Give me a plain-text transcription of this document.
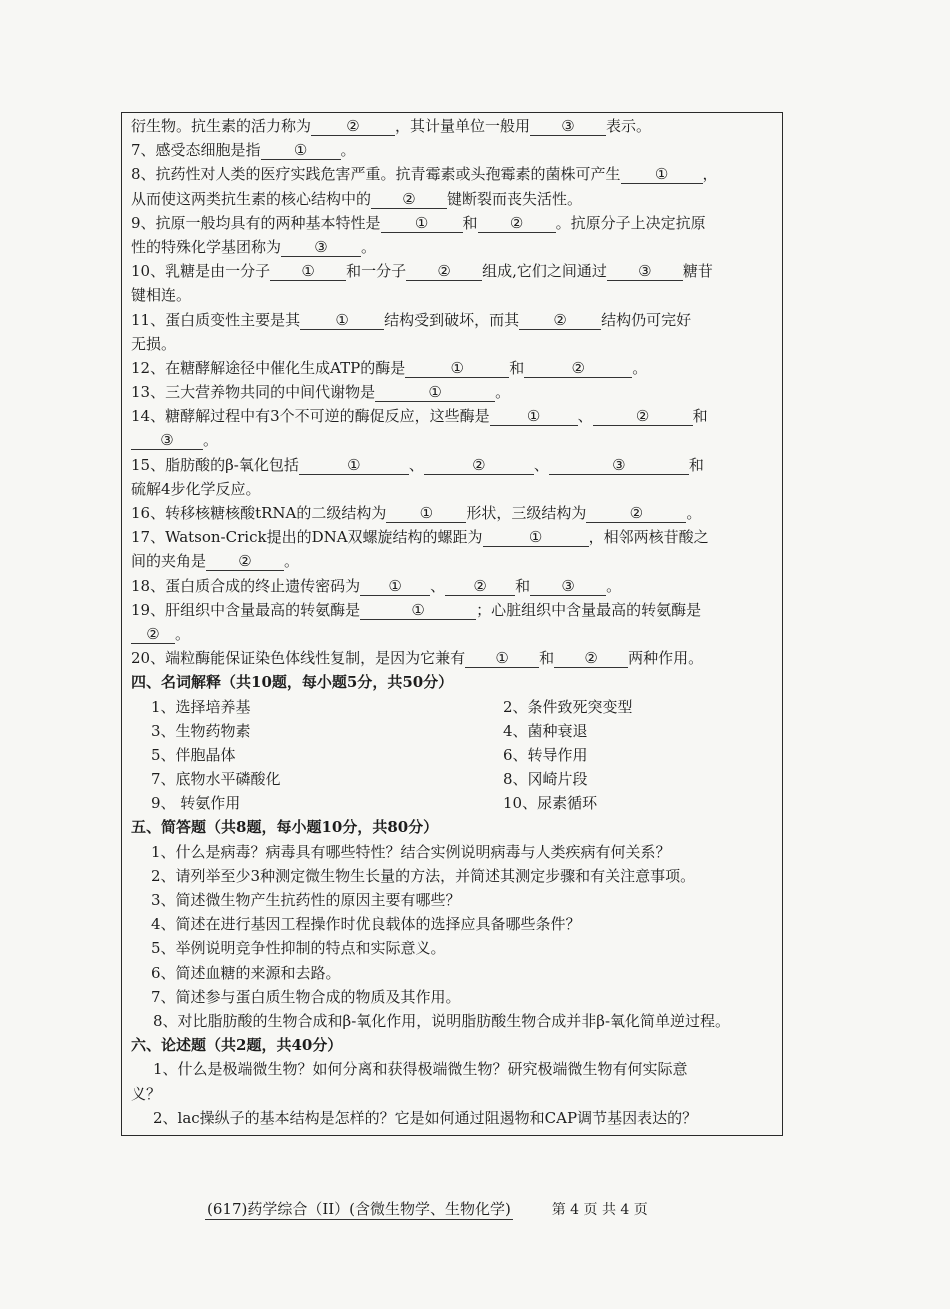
衍生物。抗生素的活力称为 ② ，其计量单位一般用 ③ 表示。
7、感受态细胞是指 ① 。
8、抗药性对人类的医疗实践危害严重。抗青霉素或头孢霉素的菌株可产生 ① ，
从而使这两类抗生素的核心结构中的 ② 键断裂而丧失活性。
9、抗原一般均具有的两种基本特性是 ① 和 ② 。抗原分子上决定抗原
性的特殊化学基团称为 ③ 。
10、乳糖是由一分子 ① 和一分子 ② 组成,它们之间通过 ③ 糖苷
键相连。
11、蛋白质变性主要是其 ① 结构受到破坏，而其 ② 结构仍可完好
无损。
12、在糖酵解途径中催化生成ATP的酶是	①	和	②	。
13、三大营养物共同的中间代谢物是	①	。
14、糖酵解过程中有3个不可逆的酶促反应，这些酶是 ① 、	②	和
③ 。
15、脂肪酸的β-氧化包括	①	、	②	、	③	和
硫解4步化学反应。
16、转移核糖核酸tRNA的二级结构为 ① 形状，三级结构为	②	。
17、Watson-Crick提出的DNA双螺旋结构的螺距为	①	，相邻两核苷酸之
间的夹角是 ② 。
18、蛋白质合成的终止遗传密码为 ① 、 ② 和 ③ 。
19、肝组织中含量最高的转氨酶是	①	；心脏组织中含量最高的转氨酶是
② 。
20、端粒酶能保证染色体线性复制，是因为它兼有 ① 和 ② 两种作用。
四、名词解释（共10题，每小题5分，共50分）
1、选择培养基	2、条件致死突变型
3、生物药物素	4、菌种衰退
5、伴胞晶体	6、转导作用
7、底物水平磷酸化	8、冈崎片段
9、 转氨作用	10、尿素循环
五、简答题（共8题，每小题10分，共80分）
1、什么是病毒？病毒具有哪些特性？结合实例说明病毒与人类疾病有何关系？
2、请列举至少3种测定微生物生长量的方法，并简述其测定步骤和有关注意事项。
3、简述微生物产生抗药性的原因主要有哪些？
4、简述在进行基因工程操作时优良载体的选择应具备哪些条件？
5、举例说明竞争性抑制的特点和实际意义。
6、简述血糖的来源和去路。
7、简述参与蛋白质生物合成的物质及其作用。
8、对比脂肪酸的生物合成和β-氧化作用，说明脂肪酸生物合成并非β-氧化简单逆过程。
六、论述题（共2题，共40分）
1、什么是极端微生物？如何分离和获得极端微生物？研究极端微生物有何实际意
义？
2、lac操纵子的基本结构是怎样的？它是如何通过阻遏物和CAP调节基因表达的？
(617)药学综合（II）(含微生物学、生物化学)	第 4 页 共 4 页
